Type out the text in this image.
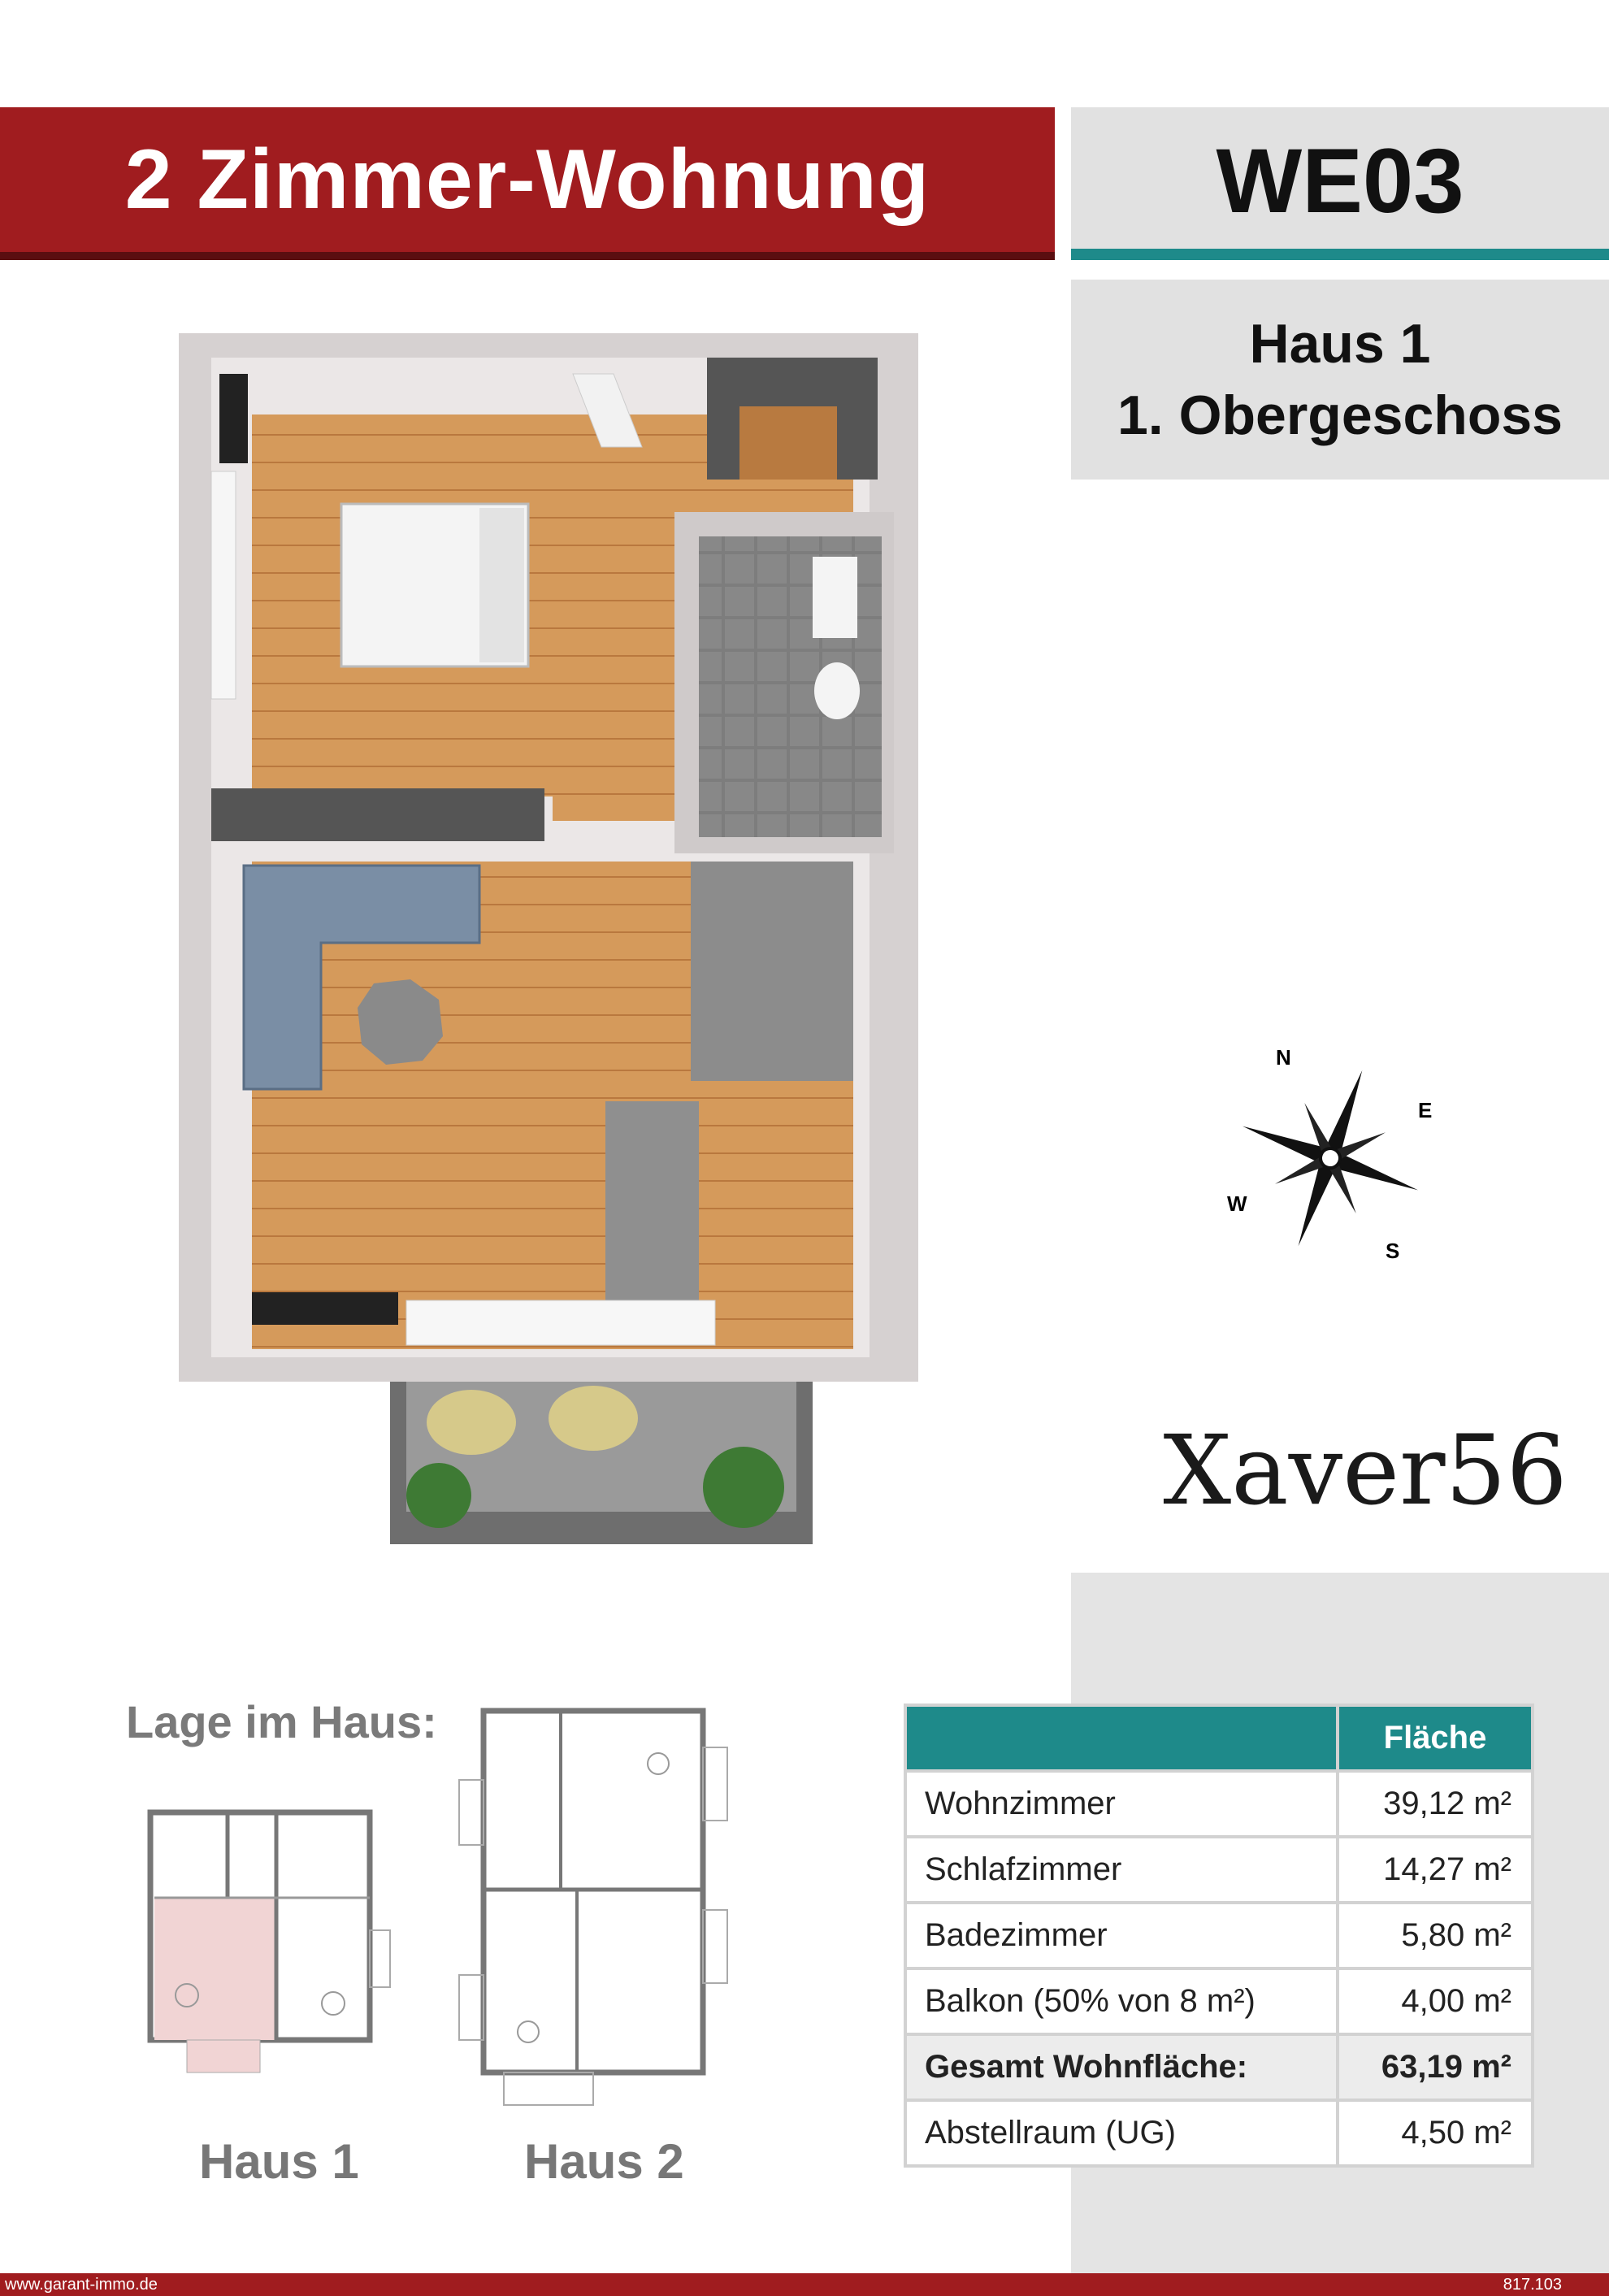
2 Zimmer-Wohnung	WE03
Haus 1
1. Obergeschoss
N
E
S
W
Xaver56
	Fläche
Wohnzimmer	39,12 m²
Schlafzimmer	14,27 m²
Badezimmer	5,80 m²
Balkon (50% von 8 m²)	4,00 m²
Gesamt Wohnfläche:	63,19 m²
Abstellraum (UG)	4,50 m²
Lage im Haus:
Haus 1	Haus 2
www.garant-immo.de	817.103
